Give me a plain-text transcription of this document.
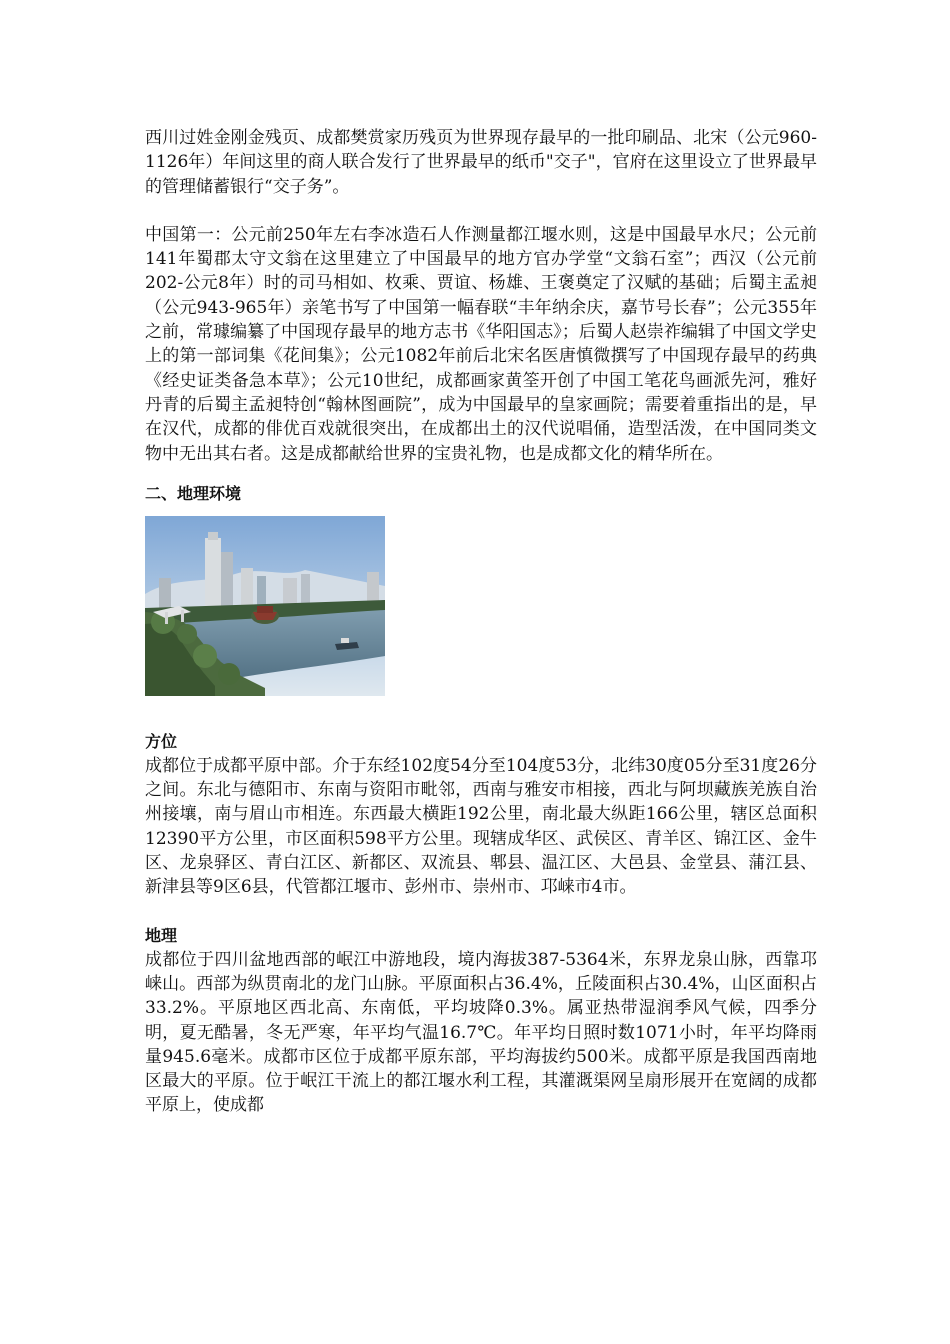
西川过姓金刚金残页、成都樊赏家历残页为世界现存最早的一批印刷品、北宋（公元960-1126年）年间这里的商人联合发行了世界最早的纸币"交子"，官府在这里设立了世界最早的管理储蓄银行“交子务”。

中国第一：公元前250年左右李冰造石人作测量都江堰水则，这是中国最早水尺；公元前141年蜀郡太守文翁在这里建立了中国最早的地方官办学堂“文翁石室”；西汉（公元前202-公元8年）时的司马相如、枚乘、贾谊、杨雄、王褒奠定了汉赋的基础；后蜀主孟昶（公元943-965年）亲笔书写了中国第一幅春联“丰年纳余庆，嘉节号长春”；公元355年之前，常璩编纂了中国现存最早的地方志书《华阳国志》；后蜀人赵崇祚编辑了中国文学史上的第一部词集《花间集》；公元1082年前后北宋名医唐慎微撰写了中国现存最早的药典《经史证类备急本草》；公元10世纪，成都画家黄筌开创了中国工笔花鸟画派先河，雅好丹青的后蜀主孟昶特创“翰林图画院”，成为中国最早的皇家画院；需要着重指出的是，早在汉代，成都的俳优百戏就很突出，在成都出土的汉代说唱俑，造型活泼，在中国同类文物中无出其右者。这是成都献给世界的宝贵礼物，也是成都文化的精华所在。

二、地理环境
方位

成都位于成都平原中部。介于东经102度54分至104度53分，北纬30度05分至31度26分之间。东北与德阳市、东南与资阳市毗邻，西南与雅安市相接，西北与阿坝藏族羌族自治州接壤，南与眉山市相连。东西最大横距192公里，南北最大纵距166公里，辖区总面积12390平方公里，市区面积598平方公里。现辖成华区、武侯区、青羊区、锦江区、金牛区、龙泉驿区、青白江区、新都区、双流县、郫县、温江区、大邑县、金堂县、蒲江县、新津县等9区6县，代管都江堰市、彭州市、崇州市、邛崃市4市。

地理

成都位于四川盆地西部的岷江中游地段，境内海拔387-5364米，东界龙泉山脉，西靠邛崃山。西部为纵贯南北的龙门山脉。平原面积占36.4%，丘陵面积占30.4%，山区面积占33.2%。平原地区西北高、东南低，平均坡降0.3%。属亚热带湿润季风气候，四季分明，夏无酷暑，冬无严寒，年平均气温16.7℃。年平均日照时数1071小时，年平均降雨量945.6毫米。成都市区位于成都平原东部，平均海拔约500米。成都平原是我国西南地区最大的平原。位于岷江干流上的都江堰水利工程，其灌溉渠网呈扇形展开在宽阔的成都平原上，使成都
